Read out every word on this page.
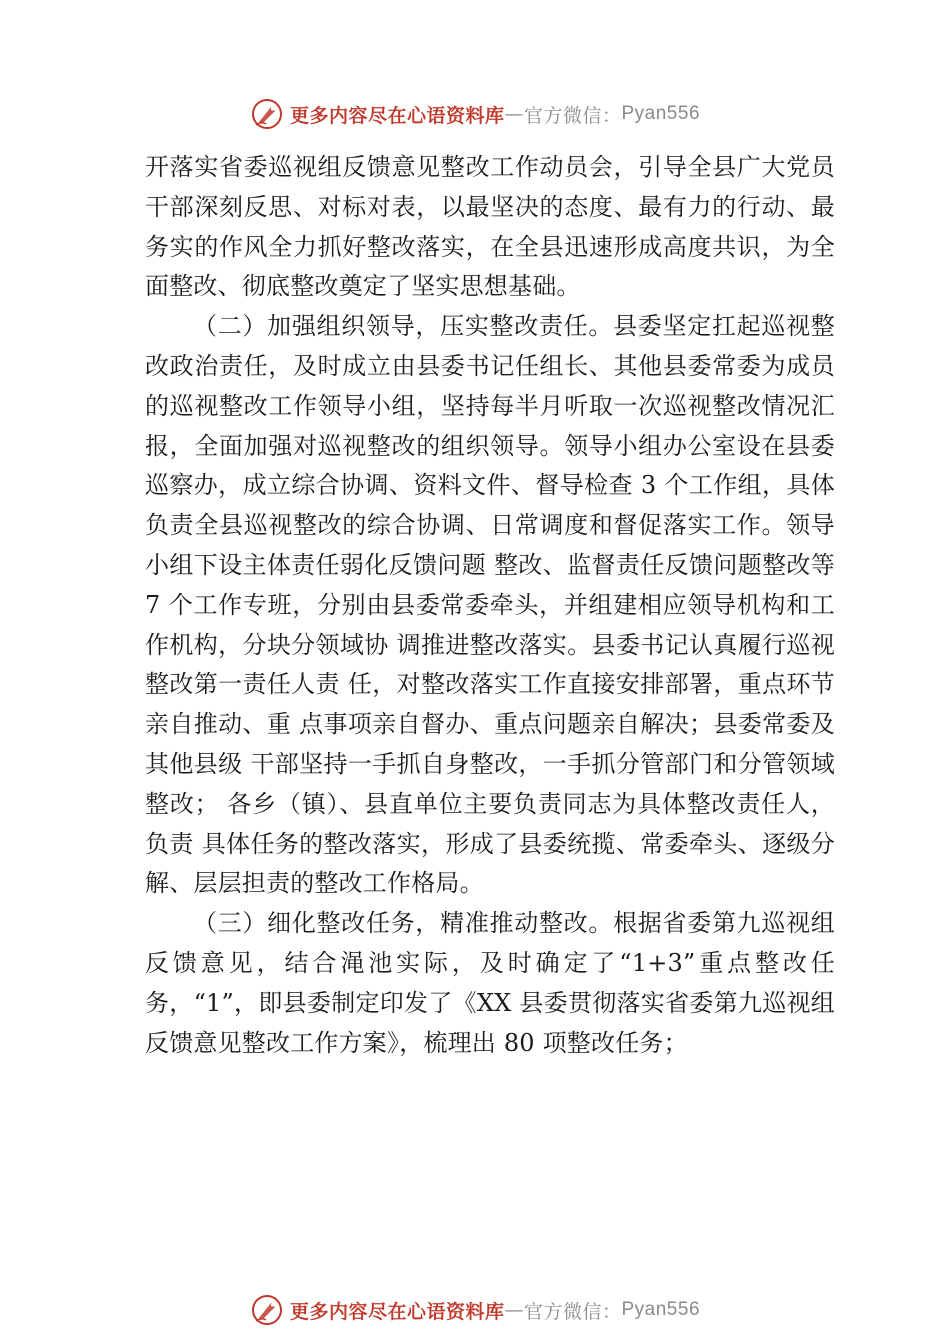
更多内容尽在心语资料库 — 官方微信： Pyan556

开落实省委巡视组反馈意见整改工作动员会，引导全县广大党员干部深刻反思、对标对表，以最坚决的态度、最有力的行动、最务实的作风全力抓好整改落实，在全县迅速形成高度共识，为全面整改、彻底整改奠定了坚实思想基础。

（二）加强组织领导，压实整改责任。县委坚定扛起巡视整改政治责任，及时成立由县委书记任组长、其他县委常委为成员的巡视整改工作领导小组，坚持每半月听取一次巡视整改情况汇报，全面加强对巡视整改的组织领导。领导小组办公室设在县委巡察办，成立综合协调、资料文件、督导检查 3 个工作组，具体负责全县巡视整改的综合协调、日常调度和督促落实工作。领导小组下设主体责任弱化反馈问题 整改、监督责任反馈问题整改等 7 个工作专班，分别由县委常委牵头，并组建相应领导机构和工作机构，分块分领域协 调推进整改落实。县委书记认真履行巡视整改第一责任人责 任，对整改落实工作直接安排部署，重点环节亲自推动、重 点事项亲自督办、重点问题亲自解决；县委常委及其他县级 干部坚持一手抓自身整改，一手抓分管部门和分管领域整改； 各乡（镇）、县直单位主要负责同志为具体整改责任人，负责 具体任务的整改落实，形成了县委统揽、常委牵头、逐级分 解、层层担责的整改工作格局。

（三）细化整改任务，精准推动整改。根据省委第九巡视组反馈意见，结合渑池实际，及时确定了“1+3”重点整改任务，“1”，即县委制定印发了《XX 县委贯彻落实省委第九巡视组反馈意见整改工作方案》，梳理出 80 项整改任务；

更多内容尽在心语资料库 — 官方微信： Pyan556
